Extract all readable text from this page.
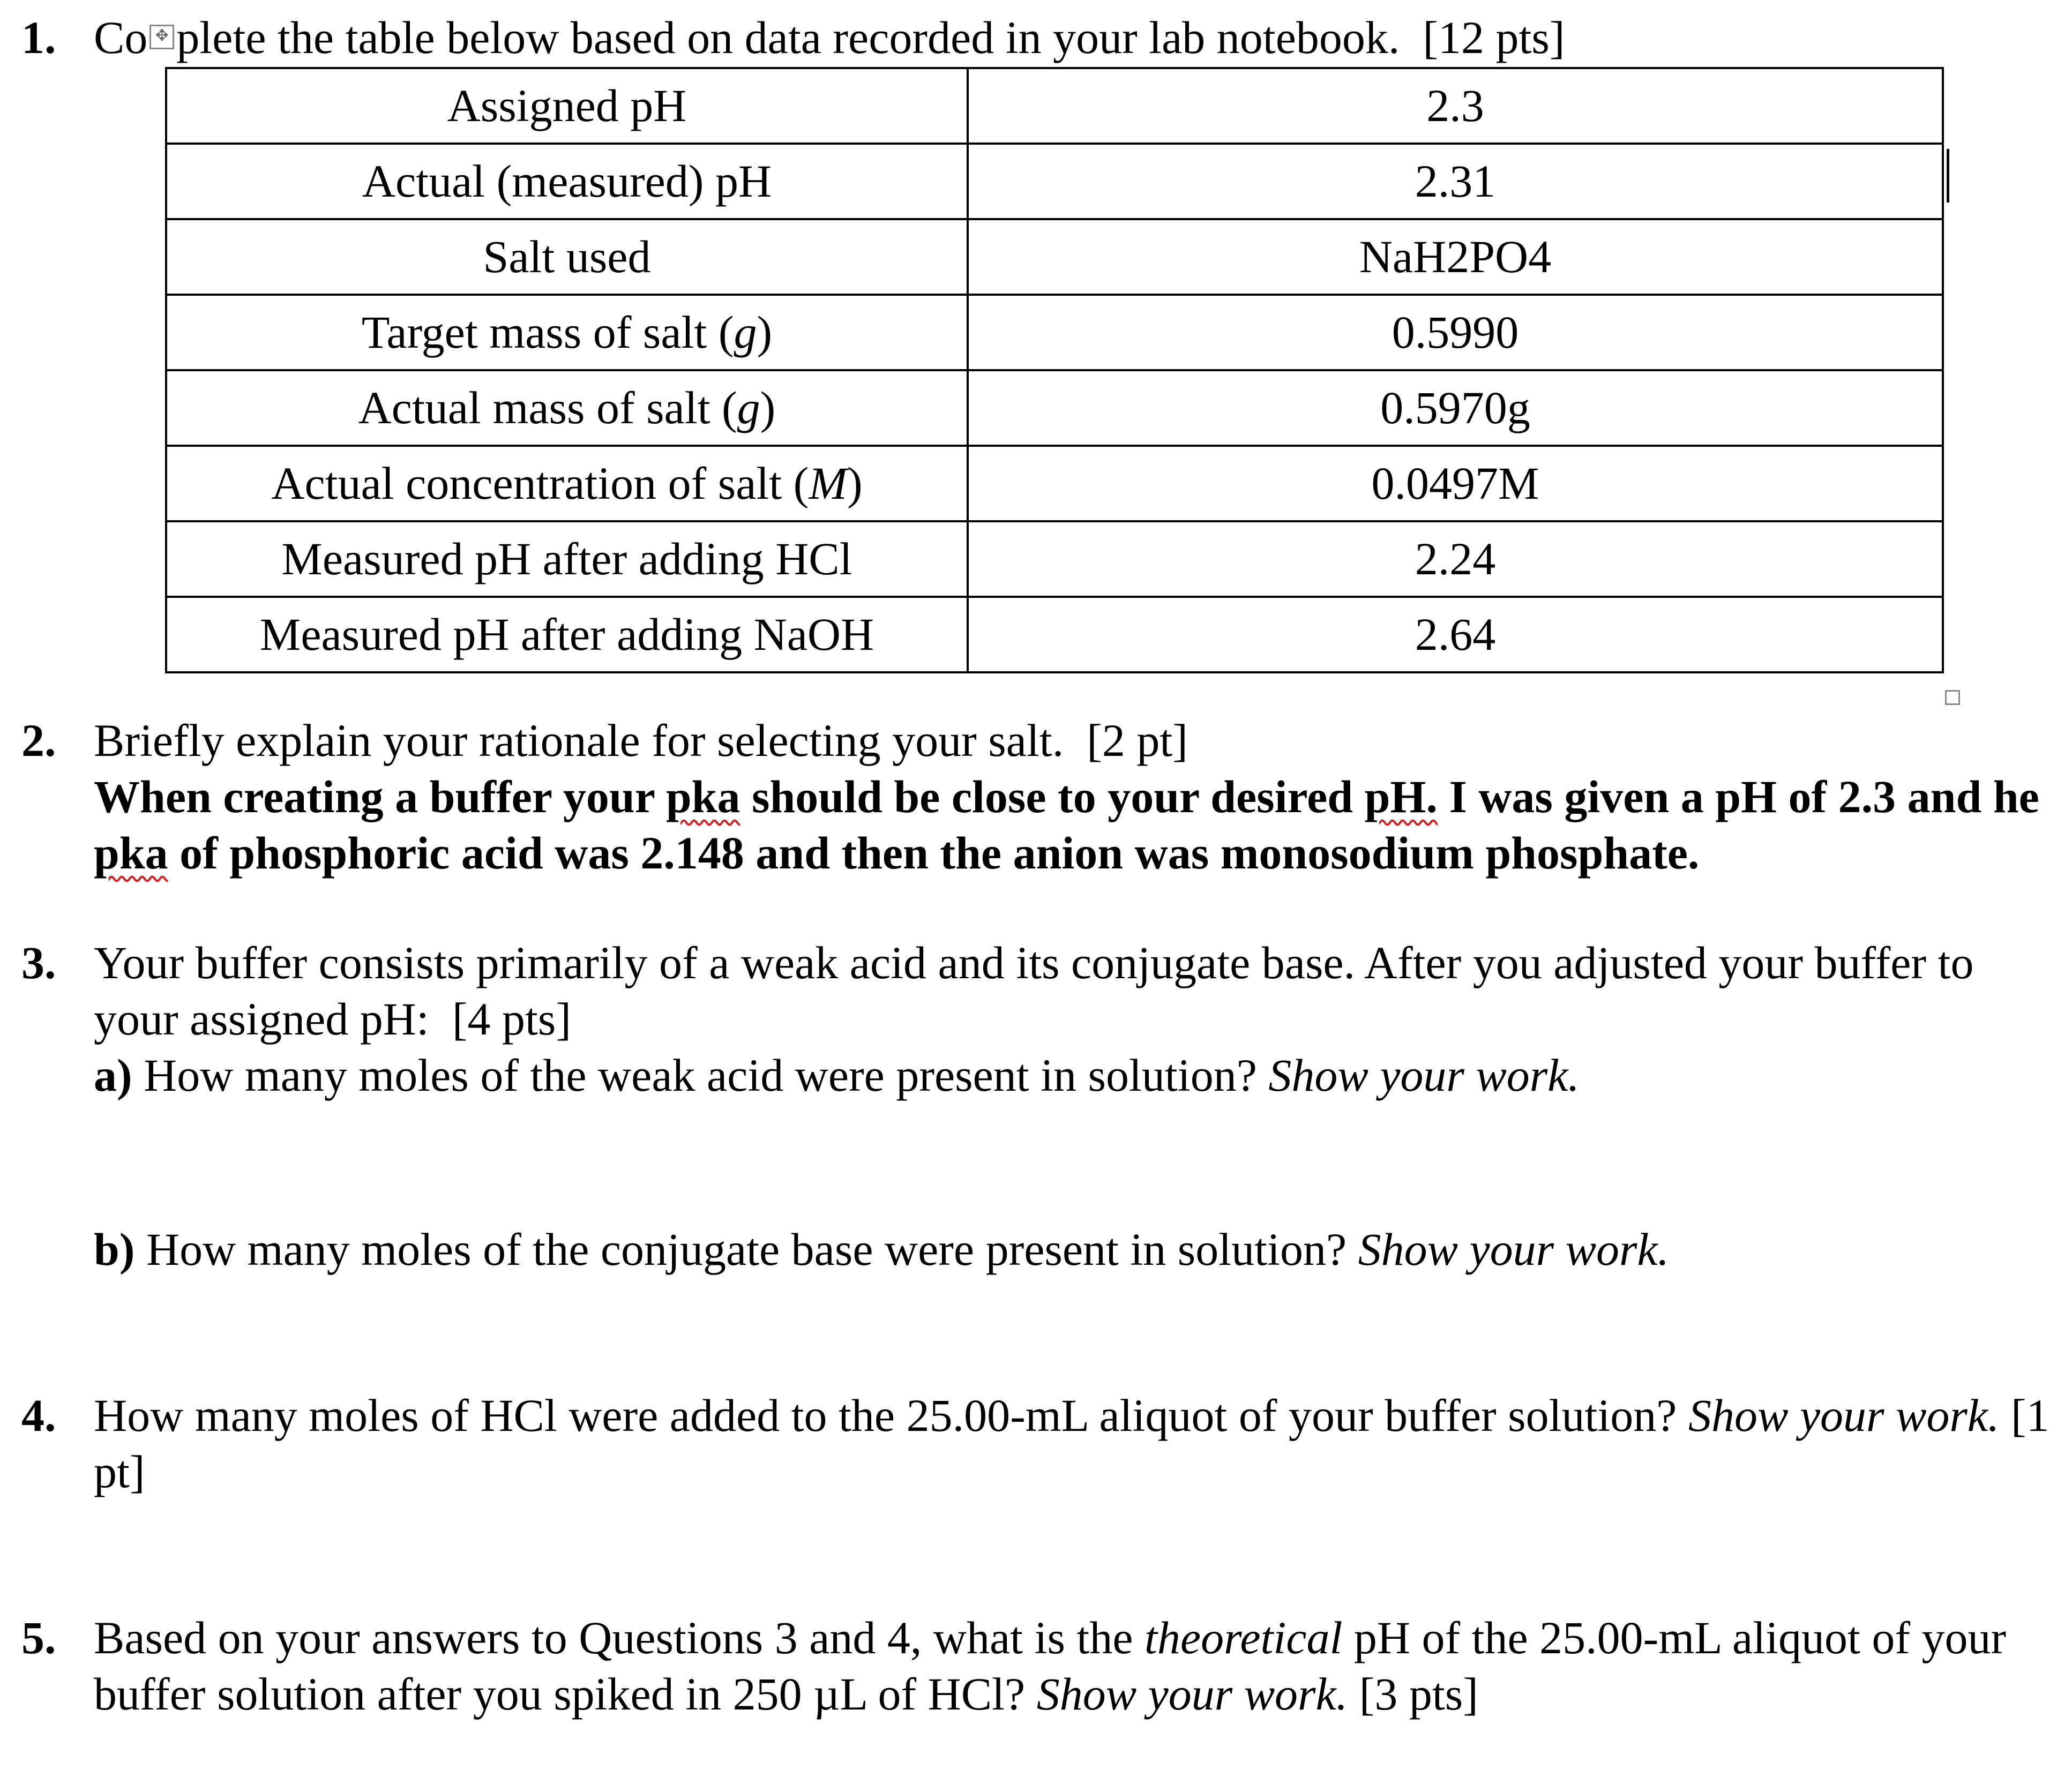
1. Co ✥ plete the table below based on data recorded in your lab notebook. [12 pts]
Assigned pH	2.3
Actual (measured) pH	2.31
Salt used	NaH2PO4
Target mass of salt (g)	0.5990
Actual mass of salt (g)	0.5970g
Actual concentration of salt (M)	0.0497M
Measured pH after adding HCl	2.24
Measured pH after adding NaOH	2.64
2. Briefly explain your rationale for selecting your salt. [2 pt]
When creating a buffer your pka should be close to your desired pH. I was given a pH of 2.3 and he pka of phosphoric acid was 2.148 and then the anion was monosodium phosphate.
3. Your buffer consists primarily of a weak acid and its conjugate base. After you adjusted your buffer to your assigned pH: [4 pts]
a) How many moles of the weak acid were present in solution? Show your work.
b) How many moles of the conjugate base were present in solution? Show your work.
4. How many moles of HCl were added to the 25.00-mL aliquot of your buffer solution? Show your work. [1 pt]
5. Based on your answers to Questions 3 and 4, what is the theoretical pH of the 25.00-mL aliquot of your buffer solution after you spiked in 250 µL of HCl? Show your work. [3 pts]
